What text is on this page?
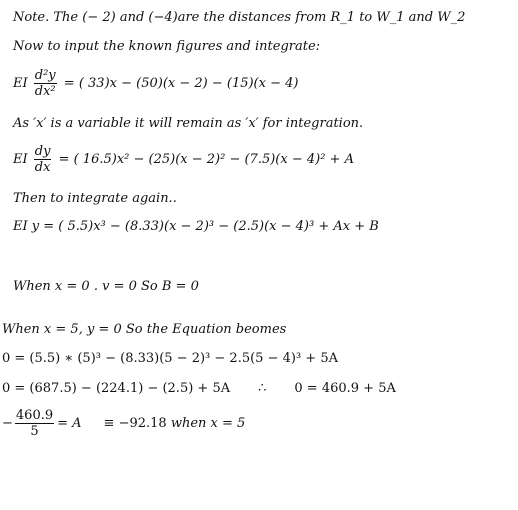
Note. The (− 2) and (−4)are the distances from R_1 to W_1 and W_2
Now to input the known figures and integrate:
EI $\frac{\text{d²y}}{\text{dx²}}$ = ( 33)x − (50)(x − 2) − (15)(x − 4)
As ′x′ is a variable it will remain as ′x′ for integration.
EI $\frac{dy}{dx}$ = ( 16.5)x² − (25)(x − 2)² − (7.5)(x − 4)² + A
Then to integrate again..
EI y = ( 5.5)x³ − (8.33)(x − 2)³ − (2.5)(x − 4)³ + Ax + B
When x = 0 . v = 0 So B = 0
When x = 5, y = 0 So the Equation beomes
0 = (5.5) ∗ (5)³ − (8.33)(5 − 2)³ − 2.5(5 − 4)³ + 5A
0 = (687.5) − (224.1) − (2.5) + 5A ∴ 0 = 460.9 + 5A
− $\frac{460.9}{5} = A \equiv -92.18$ when x = 5
